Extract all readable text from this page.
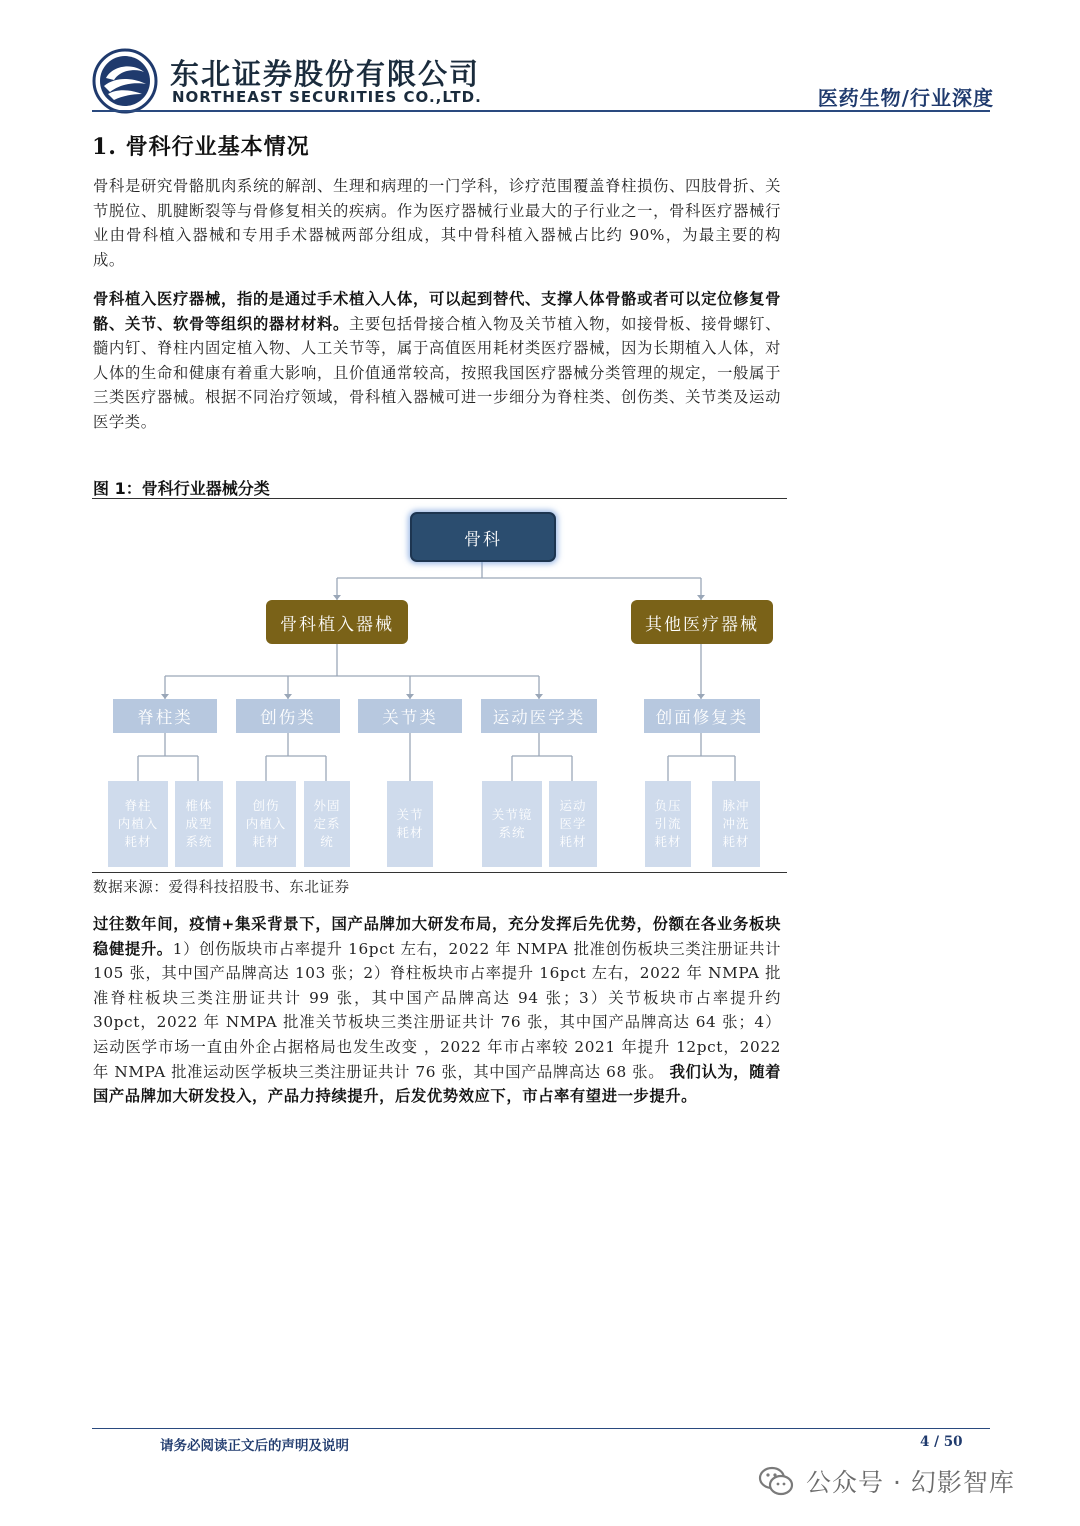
东北证券股份有限公司
NORTHEAST SECURITIES CO.,LTD.	医药生物/行业深度
1. 骨科行业基本情况
骨科是研究骨骼肌肉系统的解剖、生理和病理的一门学科，诊疗范围覆盖脊柱损伤、四肢骨折、关节脱位、肌腱断裂等与骨修复相关的疾病。作为医疗器械行业最大的子行业之一，骨科医疗器械行业由骨科植入器械和专用手术器械两部分组成，其中骨科植入器械占比约 90%，为最主要的构成。
骨科植入医疗器械，指的是通过手术植入人体，可以起到替代、支撑人体骨骼或者可以定位修复骨骼、关节、软骨等组织的器材材料。主要包括骨接合植入物及关节植入物，如接骨板、接骨螺钉、髓内钉、脊柱内固定植入物、人工关节等，属于高值医用耗材类医疗器械，因为长期植入人体，对人体的生命和健康有着重大影响，且价值通常较高，按照我国医疗器械分类管理的规定，一般属于三类医疗器械。根据不同治疗领域，骨科植入器械可进一步细分为脊柱类、创伤类、关节类及运动医学类。
图 1：骨科行业器械分类
骨科
骨科植入器械	其他医疗器械
脊柱类	创伤类	关节类	运动医学类	创面修复类
脊柱
内植入
耗材
椎体
成型
系统
创伤
内植入
耗材
外固
定系
统
关节
耗材
关节镜
系统
运动
医学
耗材
负压
引流
耗材
脉冲
冲洗
耗材
数据来源：爱得科技招股书、东北证券
过往数年间，疫情+集采背景下，国产品牌加大研发布局，充分发挥后先优势，份额在各业务板块稳健提升。1）创伤版块市占率提升 16pct 左右，2022 年 NMPA 批准创伤板块三类注册证共计 105 张，其中国产品牌高达 103 张；2）脊柱板块市占率提升 16pct 左右，2022 年 NMPA 批准脊柱板块三类注册证共计 99 张，其中国产品牌高达 94 张；3）关节板块市占率提升约 30pct，2022 年 NMPA 批准关节板块三类注册证共计 76 张，其中国产品牌高达 64 张；4）运动医学市场一直由外企占据格局也发生改变 ，2022 年市占率较 2021 年提升 12pct，2022 年 NMPA 批准运动医学板块三类注册证共计 76 张，其中国产品牌高达 68 张。 我们认为，随着国产品牌加大研发投入，产品力持续提升，后发优势效应下，市占率有望进一步提升。
请务必阅读正文后的声明及说明	4 / 50
公众号 · 幻影智库
